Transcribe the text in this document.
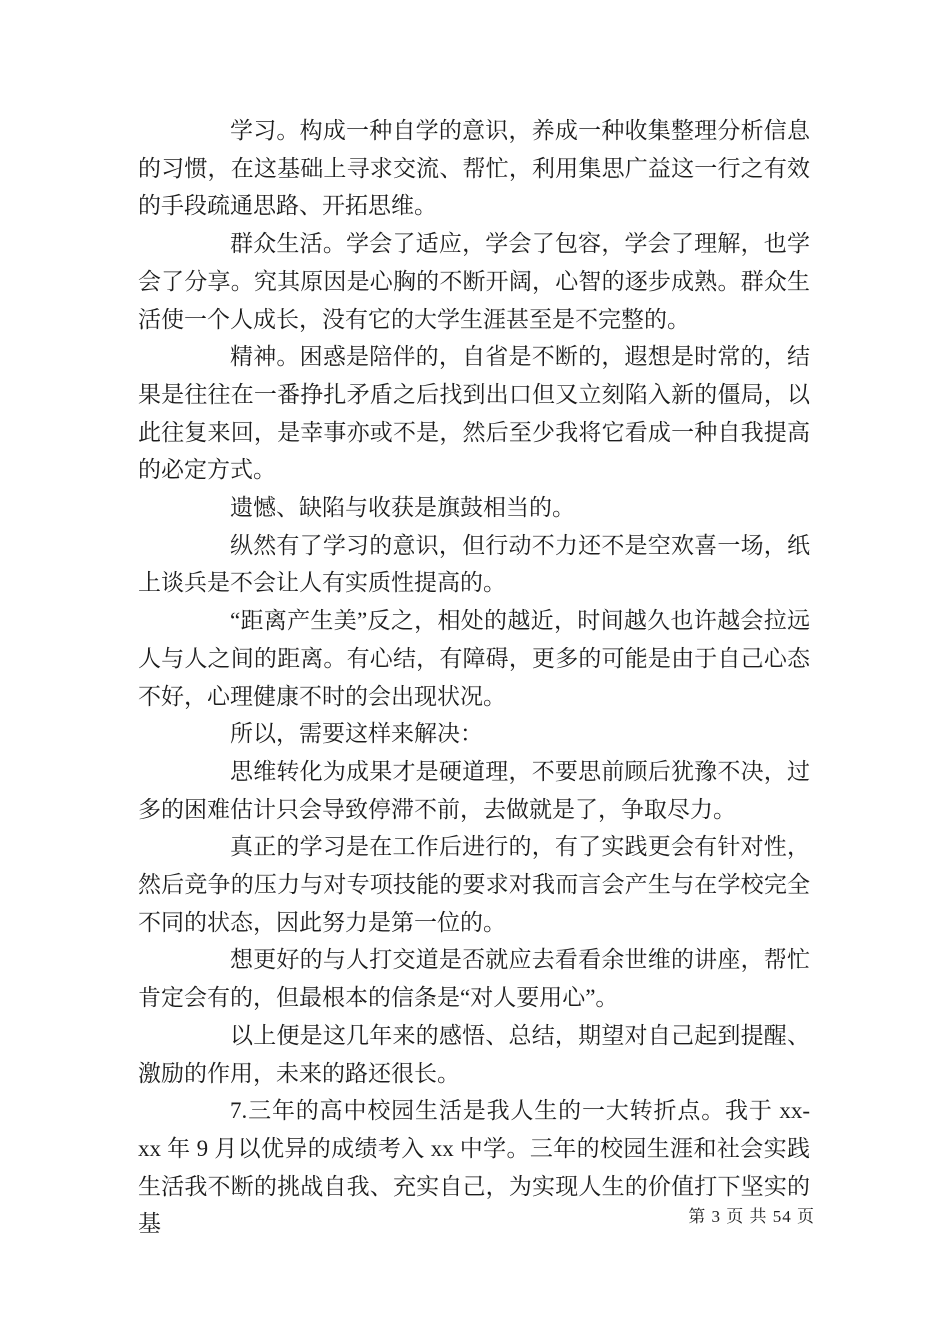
学习。构成一种自学的意识，养成一种收集整理分析信息的习惯，在这基础上寻求交流、帮忙，利用集思广益这一行之有效的手段疏通思路、开拓思维。

群众生活。学会了适应，学会了包容，学会了理解，也学会了分享。究其原因是心胸的不断开阔，心智的逐步成熟。群众生活使一个人成长，没有它的大学生涯甚至是不完整的。

精神。困惑是陪伴的，自省是不断的，遐想是时常的，结果是往往在一番挣扎矛盾之后找到出口但又立刻陷入新的僵局，以此往复来回，是幸事亦或不是，然后至少我将它看成一种自我提高的必定方式。

遗憾、缺陷与收获是旗鼓相当的。

纵然有了学习的意识，但行动不力还不是空欢喜一场，纸上谈兵是不会让人有实质性提高的。

“距离产生美”反之，相处的越近，时间越久也许越会拉远人与人之间的距离。有心结，有障碍，更多的可能是由于自己心态不好，心理健康不时的会出现状况。

所以，需要这样来解决：

思维转化为成果才是硬道理，不要思前顾后犹豫不决，过多的困难估计只会导致停滞不前，去做就是了，争取尽力。

真正的学习是在工作后进行的，有了实践更会有针对性，然后竞争的压力与对专项技能的要求对我而言会产生与在学校完全不同的状态，因此努力是第一位的。

想更好的与人打交道是否就应去看看余世维的讲座，帮忙肯定会有的，但最根本的信条是“对人要用心”。

以上便是这几年来的感悟、总结，期望对自己起到提醒、激励的作用，未来的路还很长。

7.三年的高中校园生活是我人生的一大转折点。我于 xx-xx 年 9 月以优异的成绩考入 xx 中学。三年的校园生涯和社会实践生活我不断的挑战自我、充实自己，为实现人生的价值打下坚实的基	第 3 页 共 54 页
